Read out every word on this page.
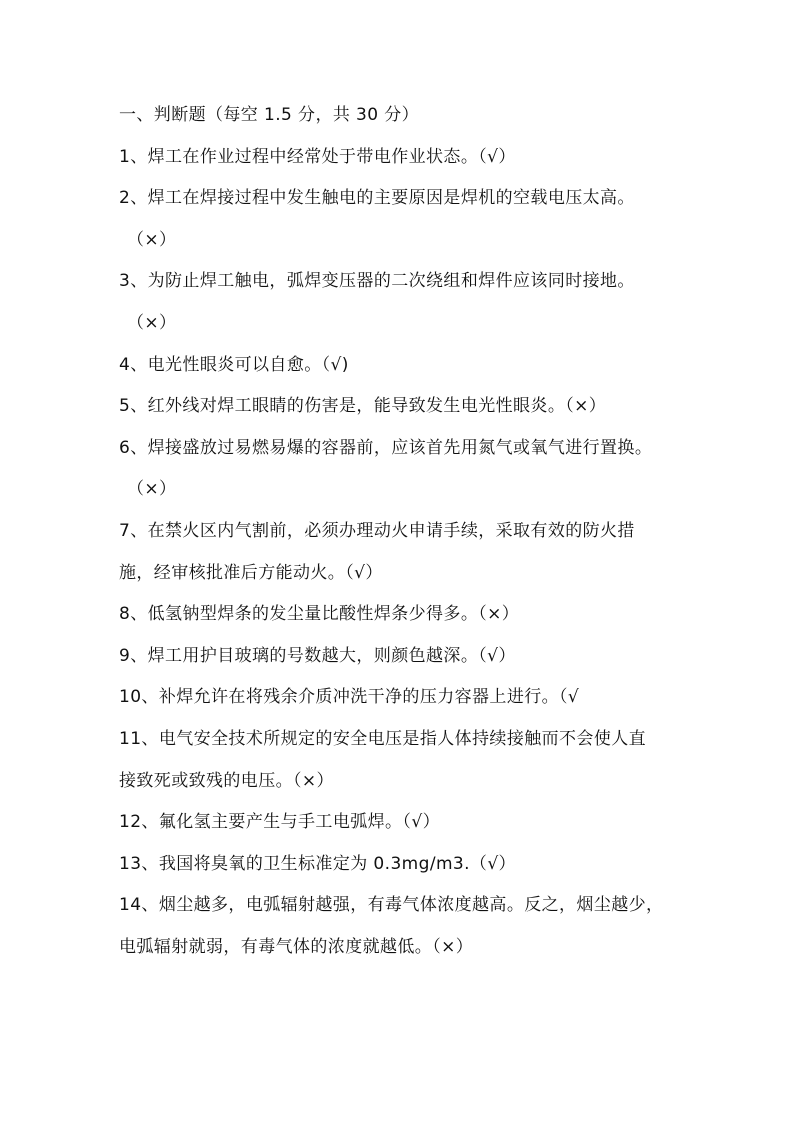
一、判断题（每空 1.5 分，共 30 分）
1、焊工在作业过程中经常处于带电作业状态。（√）
2、焊工在焊接过程中发生触电的主要原因是焊机的空载电压太高。
（×）
3、为防止焊工触电，弧焊变压器的二次绕组和焊件应该同时接地。
（×）
4、电光性眼炎可以自愈。（√)
5、红外线对焊工眼睛的伤害是，能导致发生电光性眼炎。（×）
6、焊接盛放过易燃易爆的容器前，应该首先用氮气或氧气进行置换。
（×）
7、在禁火区内气割前，必须办理动火申请手续，采取有效的防火措
施，经审核批准后方能动火。（√）
8、低氢钠型焊条的发尘量比酸性焊条少得多。（×）
9、焊工用护目玻璃的号数越大，则颜色越深。（√）
10、补焊允许在将残余介质冲洗干净的压力容器上进行。（√
11、电气安全技术所规定的安全电压是指人体持续接触而不会使人直
接致死或致残的电压。（×）
12、氟化氢主要产生与手工电弧焊。（√）
13、我国将臭氧的卫生标准定为 0.3mg/m3.（√）
14、烟尘越多，电弧辐射越强，有毒气体浓度越高。反之，烟尘越少，
电弧辐射就弱，有毒气体的浓度就越低。（×）
